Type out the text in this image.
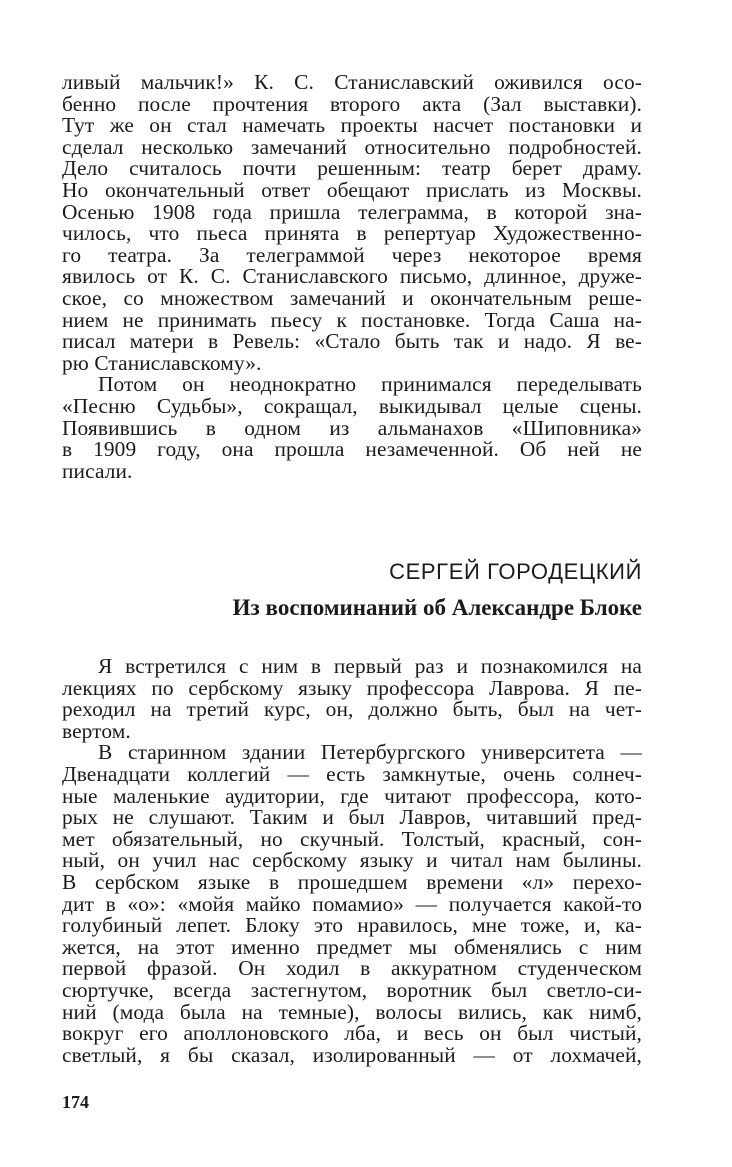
ливый мальчик!» К. С. Станиславский оживился осо-
бенно после прочтения второго акта (Зал выставки).
Тут же он стал намечать проекты насчет постановки и
сделал несколько замечаний относительно подробностей.
Дело считалось почти решенным: театр берет драму.
Но окончательный ответ обещают прислать из Москвы.
Осенью 1908 года пришла телеграмма, в которой зна-
чилось, что пьеса принята в репертуар Художественно-
го театра. За телеграммой через некоторое время
явилось от К. С. Станиславского письмо, длинное, друже-
ское, со множеством замечаний и окончательным реше-
нием не принимать пьесу к постановке. Тогда Саша на-
писал матери в Ревель: «Стало быть так и надо. Я ве-
рю Станиславскому».
Потом он неоднократно принимался переделывать
«Песню Судьбы», сокращал, выкидывал целые сцены.
Появившись в одном из альманахов «Шиповника»
в 1909 году, она прошла незамеченной. Об ней не
писали.
СЕРГЕЙ ГОРОДЕЦКИЙ
Из воспоминаний об Александре Блоке
Я встретился с ним в первый раз и познакомился на
лекциях по сербскому языку профессора Лаврова. Я пе-
реходил на третий курс, он, должно быть, был на чет-
вертом.
В старинном здании Петербургского университета —
Двенадцати коллегий — есть замкнутые, очень солнеч-
ные маленькие аудитории, где читают профессора, кото-
рых не слушают. Таким и был Лавров, читавший пред-
мет обязательный, но скучный. Толстый, красный, сон-
ный, он учил нас сербскому языку и читал нам былины.
В сербском языке в прошедшем времени «л» перехо-
дит в «о»: «мойя майко помамио» — получается какой-то
голубиный лепет. Блоку это нравилось, мне тоже, и, ка-
жется, на этот именно предмет мы обменялись с ним
первой фразой. Он ходил в аккуратном студенческом
сюртучке, всегда застегнутом, воротник был светло-си-
ний (мода была на темные), волосы вились, как нимб,
вокруг его аполлоновского лба, и весь он был чистый,
светлый, я бы сказал, изолированный — от лохмачей,
174
